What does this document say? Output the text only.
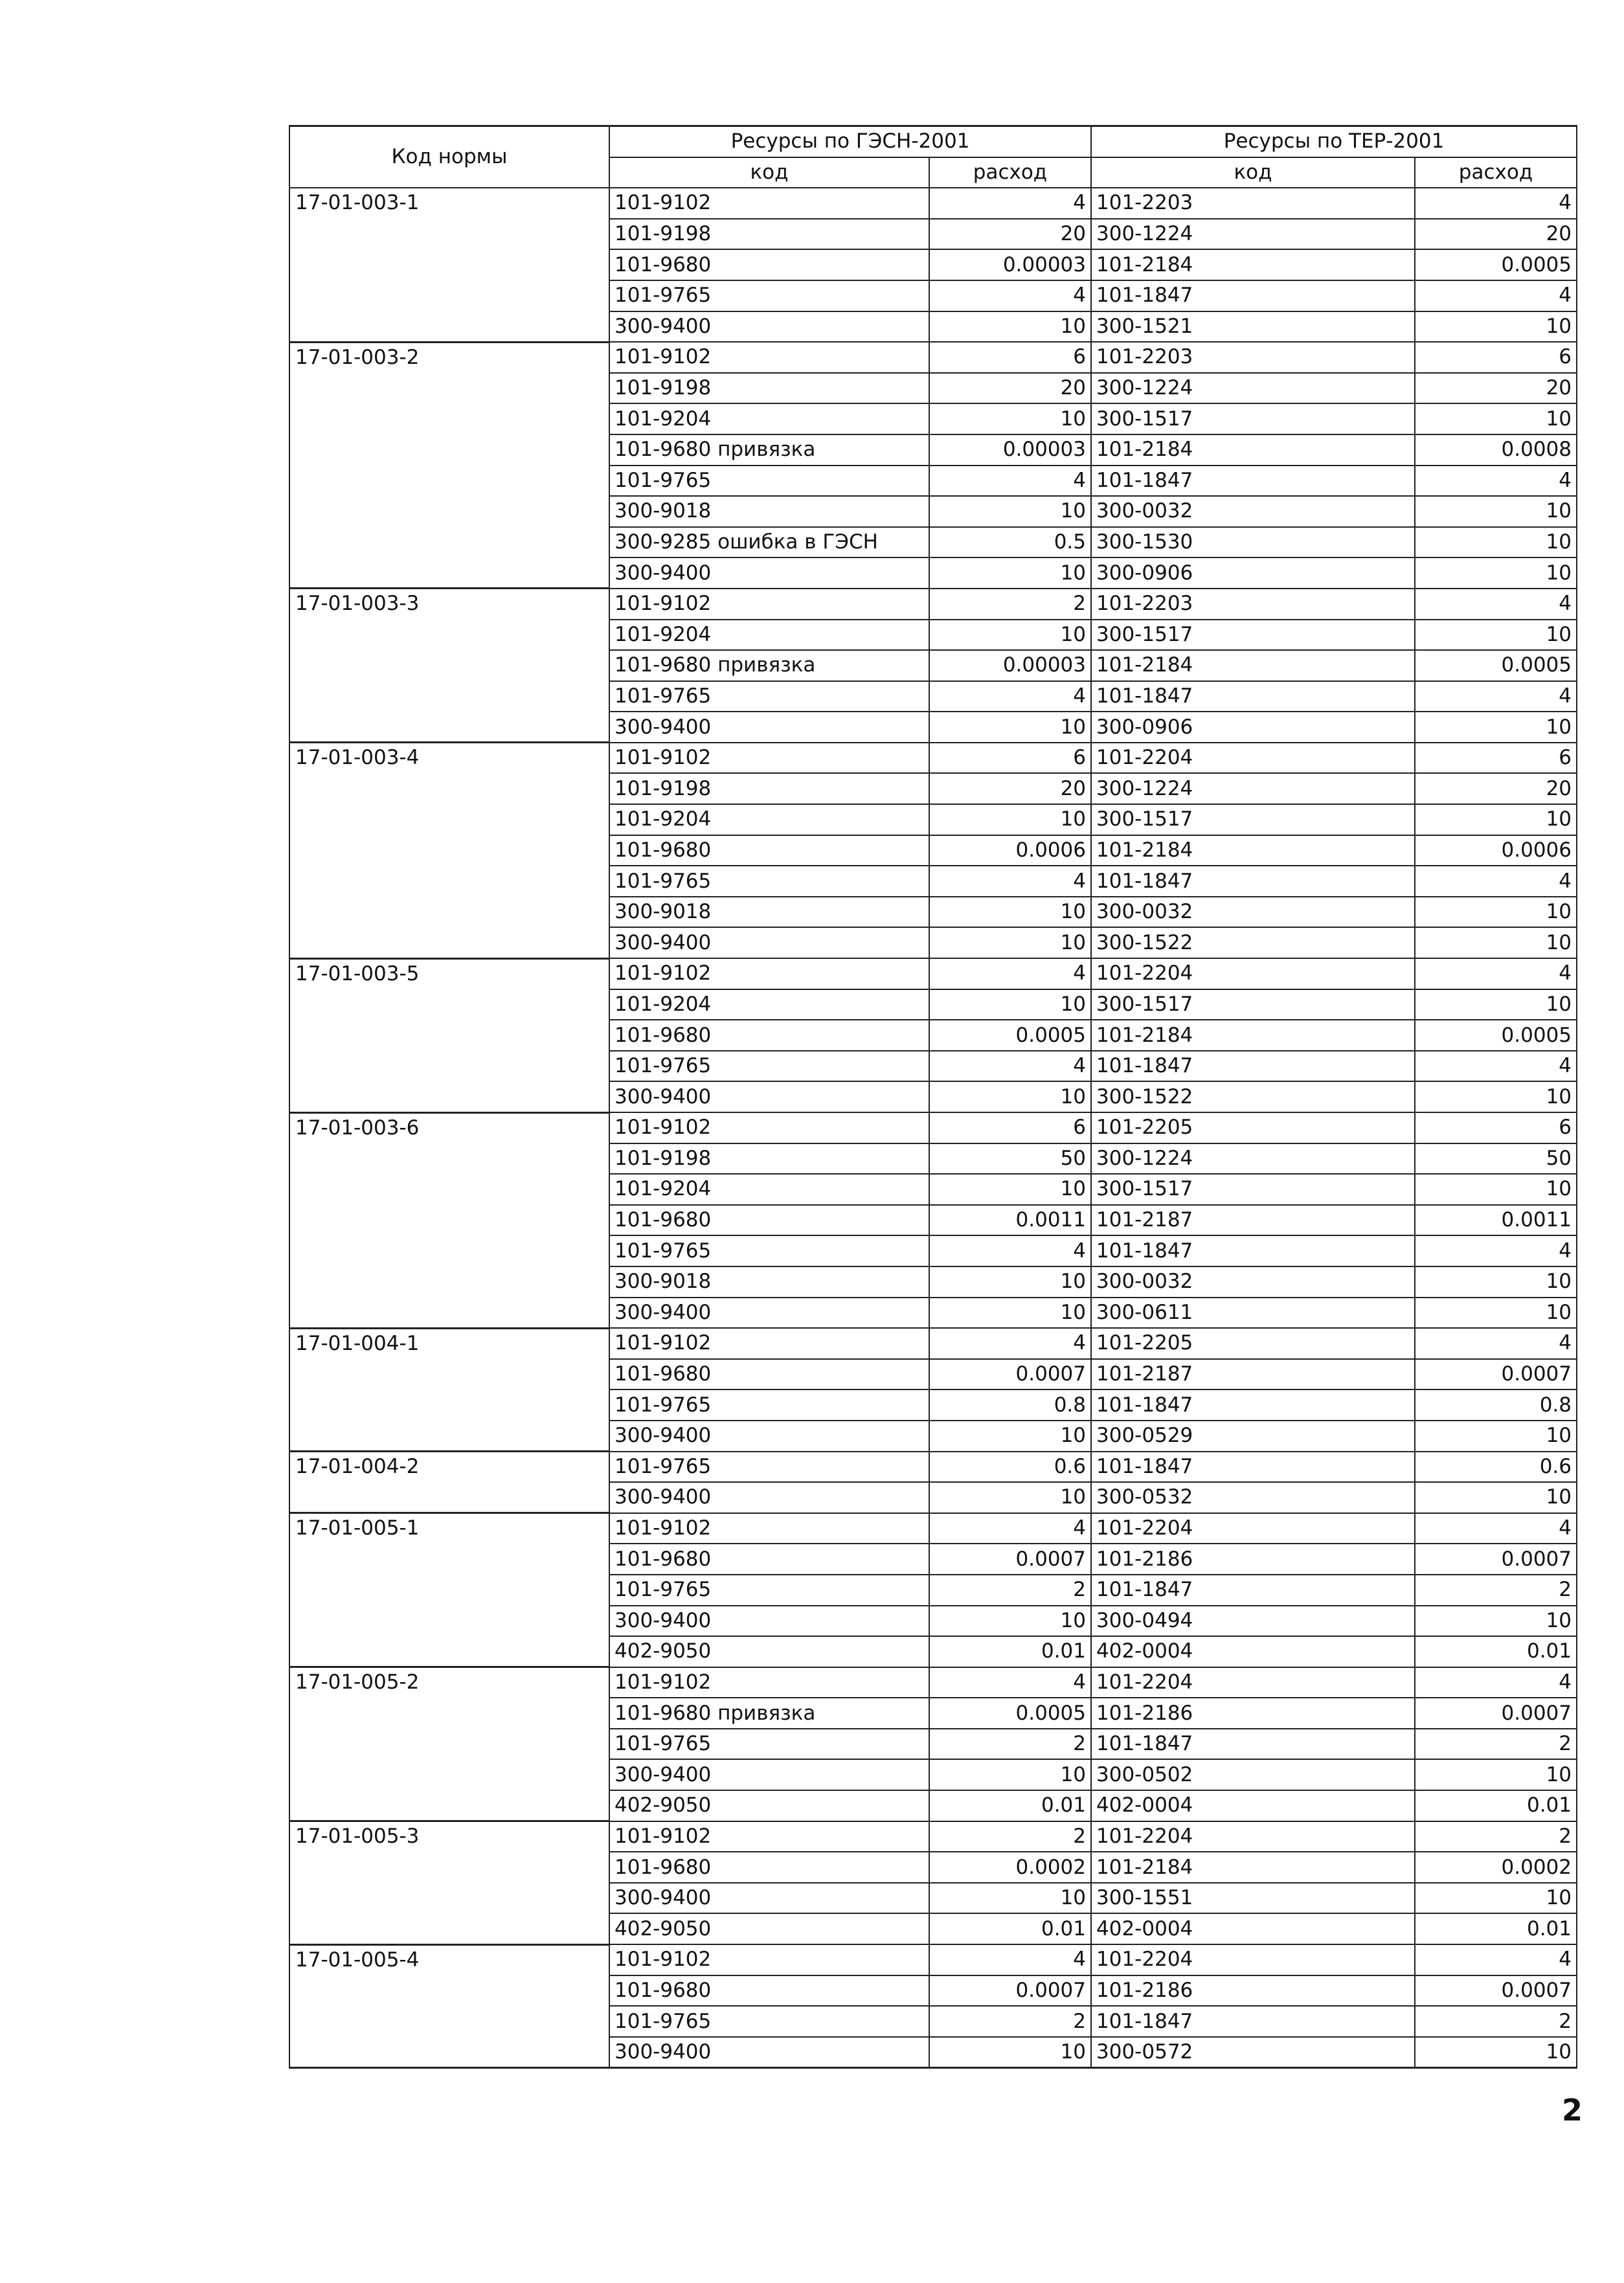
Код нормы	Ресурсы по ГЭСН-2001		Ресурсы по ТЕР-2001	
	код	расход	код	расход
17-01-003-1	101-9102	4	101-2203	4
	101-9198	20	300-1224	20
	101-9680	0.00003	101-2184	0.0005
	101-9765	4	101-1847	4
	300-9400	10	300-1521	10
17-01-003-2	101-9102	6	101-2203	6
	101-9198	20	300-1224	20
	101-9204	10	300-1517	10
	101-9680 привязка	0.00003	101-2184	0.0008
	101-9765	4	101-1847	4
	300-9018	10	300-0032	10
	300-9285 ошибка в ГЭСН	0.5	300-1530	10
	300-9400	10	300-0906	10
17-01-003-3	101-9102	2	101-2203	4
	101-9204	10	300-1517	10
	101-9680 привязка	0.00003	101-2184	0.0005
	101-9765	4	101-1847	4
	300-9400	10	300-0906	10
17-01-003-4	101-9102	6	101-2204	6
	101-9198	20	300-1224	20
	101-9204	10	300-1517	10
	101-9680	0.0006	101-2184	0.0006
	101-9765	4	101-1847	4
	300-9018	10	300-0032	10
	300-9400	10	300-1522	10
17-01-003-5	101-9102	4	101-2204	4
	101-9204	10	300-1517	10
	101-9680	0.0005	101-2184	0.0005
	101-9765	4	101-1847	4
	300-9400	10	300-1522	10
17-01-003-6	101-9102	6	101-2205	6
	101-9198	50	300-1224	50
	101-9204	10	300-1517	10
	101-9680	0.0011	101-2187	0.0011
	101-9765	4	101-1847	4
	300-9018	10	300-0032	10
	300-9400	10	300-0611	10
17-01-004-1	101-9102	4	101-2205	4
	101-9680	0.0007	101-2187	0.0007
	101-9765	0.8	101-1847	0.8
	300-9400	10	300-0529	10
17-01-004-2	101-9765	0.6	101-1847	0.6
	300-9400	10	300-0532	10
17-01-005-1	101-9102	4	101-2204	4
	101-9680	0.0007	101-2186	0.0007
	101-9765	2	101-1847	2
	300-9400	10	300-0494	10
	402-9050	0.01	402-0004	0.01
17-01-005-2	101-9102	4	101-2204	4
	101-9680 привязка	0.0005	101-2186	0.0007
	101-9765	2	101-1847	2
	300-9400	10	300-0502	10
	402-9050	0.01	402-0004	0.01
17-01-005-3	101-9102	2	101-2204	2
	101-9680	0.0002	101-2184	0.0002
	300-9400	10	300-1551	10
	402-9050	0.01	402-0004	0.01
17-01-005-4	101-9102	4	101-2204	4
	101-9680	0.0007	101-2186	0.0007
	101-9765	2	101-1847	2
	300-9400	10	300-0572	10
2
